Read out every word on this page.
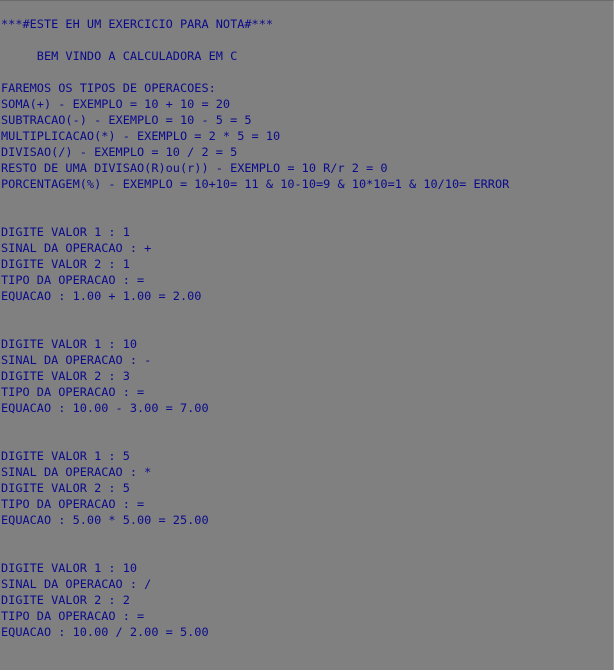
***#ESTE EH UM EXERCICIO PARA NOTA#***
BEM VINDO A CALCULADORA EM C
FAREMOS OS TIPOS DE OPERACOES:
SOMA(+) - EXEMPLO = 10 + 10 = 20
SUBTRACAO(-) - EXEMPLO = 10 - 5 = 5
MULTIPLICACAO(*) - EXEMPLO = 2 * 5 = 10
DIVISAO(/) - EXEMPLO = 10 / 2 = 5
RESTO DE UMA DIVISAO(R)ou(r)) - EXEMPLO = 10 R/r 2 = 0
PORCENTAGEM(%) - EXEMPLO = 10+10= 11 & 10-10=9 & 10*10=1 & 10/10= ERROR
DIGITE VALOR 1 : 1
SINAL DA OPERACAO : +
DIGITE VALOR 2 : 1
TIPO DA OPERACAO : =
EQUACAO : 1.00 + 1.00 = 2.00
DIGITE VALOR 1 : 10
SINAL DA OPERACAO : -
DIGITE VALOR 2 : 3
TIPO DA OPERACAO : =
EQUACAO : 10.00 - 3.00 = 7.00
DIGITE VALOR 1 : 5
SINAL DA OPERACAO : *
DIGITE VALOR 2 : 5
TIPO DA OPERACAO : =
EQUACAO : 5.00 * 5.00 = 25.00
DIGITE VALOR 1 : 10
SINAL DA OPERACAO : /
DIGITE VALOR 2 : 2
TIPO DA OPERACAO : =
EQUACAO : 10.00 / 2.00 = 5.00
